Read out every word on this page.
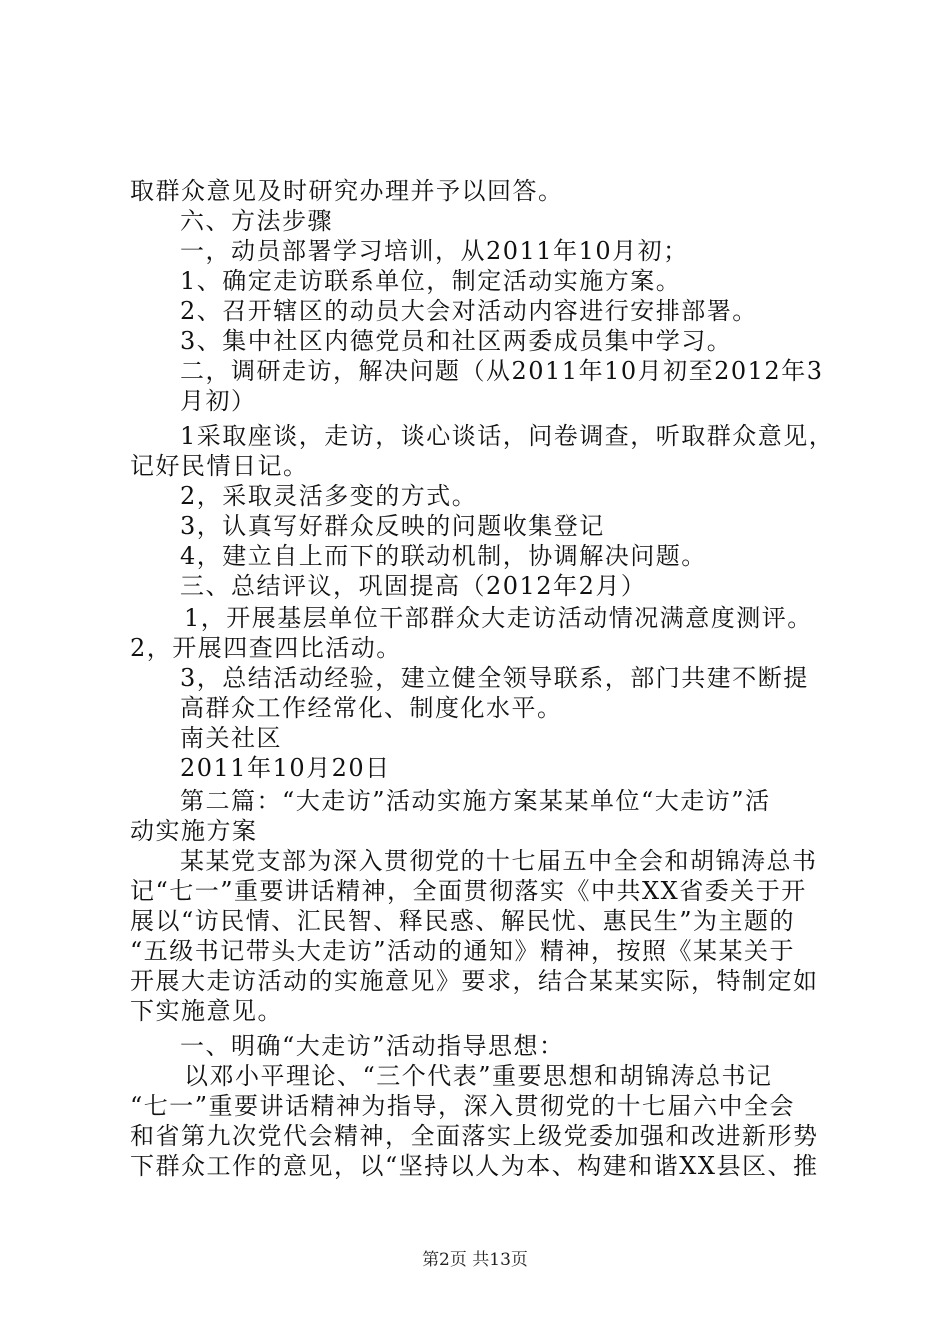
取群众意见及时研究办理并予以回答。
六、方法步骤
一，动员部署学习培训，从2011年10月初；
1、确定走访联系单位，制定活动实施方案。
2、召开辖区的动员大会对活动内容进行安排部署。
3、集中社区内德党员和社区两委成员集中学习。
二，调研走访，解决问题（从2011年10月初至2012年3
月初）
1采取座谈，走访，谈心谈话，问卷调查，听取群众意见，
记好民情日记。
2，采取灵活多变的方式。
3，认真写好群众反映的问题收集登记
4，建立自上而下的联动机制，协调解决问题。
三、总结评议，巩固提高（2012年2月）
1，开展基层单位干部群众大走访活动情况满意度测评。
2，开展四查四比活动。
3，总结活动经验，建立健全领导联系，部门共建不断提
高群众工作经常化、制度化水平。
南关社区
2011年10月20日
第二篇：“大走访”活动实施方案某某单位“大走访”活
动实施方案
某某党支部为深入贯彻党的十七届五中全会和胡锦涛总书
记“七一”重要讲话精神，全面贯彻落实《中共XX省委关于开
展以“访民情、汇民智、释民惑、解民忧、惠民生”为主题的
“五级书记带头大走访”活动的通知》精神，按照《某某关于
开展大走访活动的实施意见》要求，结合某某实际，特制定如
下实施意见。
一、明确“大走访”活动指导思想：
以邓小平理论、“三个代表”重要思想和胡锦涛总书记
“七一”重要讲话精神为指导，深入贯彻党的十七届六中全会
和省第九次党代会精神，全面落实上级党委加强和改进新形势
下群众工作的意见，以“坚持以人为本、构建和谐XX县区、推
第2页 共13页
